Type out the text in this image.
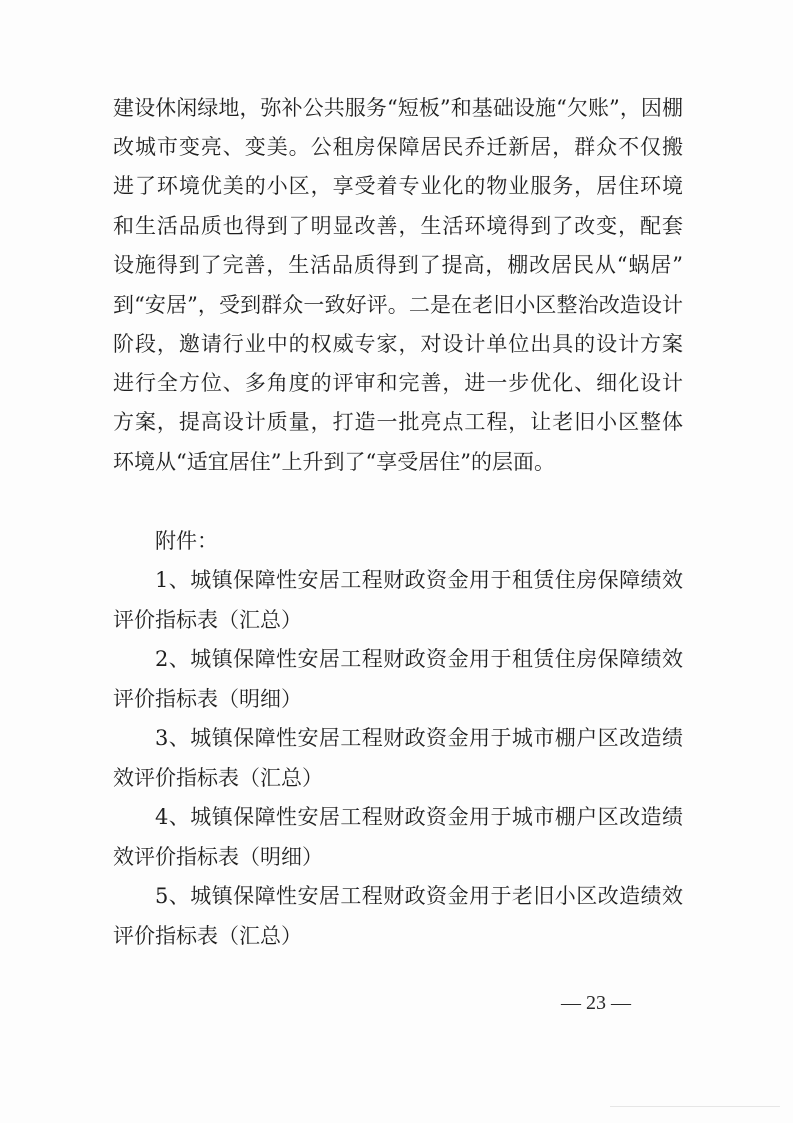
建设休闲绿地，弥补公共服务“短板”和基础设施“欠账”，因棚
改城市变亮、变美。公租房保障居民乔迁新居，群众不仅搬
进了环境优美的小区，享受着专业化的物业服务，居住环境
和生活品质也得到了明显改善，生活环境得到了改变，配套
设施得到了完善，生活品质得到了提高，棚改居民从“蜗居”
到“安居”，受到群众一致好评。二是在老旧小区整治改造设计
阶段，邀请行业中的权威专家，对设计单位出具的设计方案
进行全方位、多角度的评审和完善，进一步优化、细化设计
方案，提高设计质量，打造一批亮点工程，让老旧小区整体
环境从“适宜居住”上升到了“享受居住”的层面。
附件：
1、城镇保障性安居工程财政资金用于租赁住房保障绩效
评价指标表（汇总）
2、城镇保障性安居工程财政资金用于租赁住房保障绩效
评价指标表（明细）
3、城镇保障性安居工程财政资金用于城市棚户区改造绩
效评价指标表（汇总）
4、城镇保障性安居工程财政资金用于城市棚户区改造绩
效评价指标表（明细）
5、城镇保障性安居工程财政资金用于老旧小区改造绩效
评价指标表（汇总）
— 23 —
